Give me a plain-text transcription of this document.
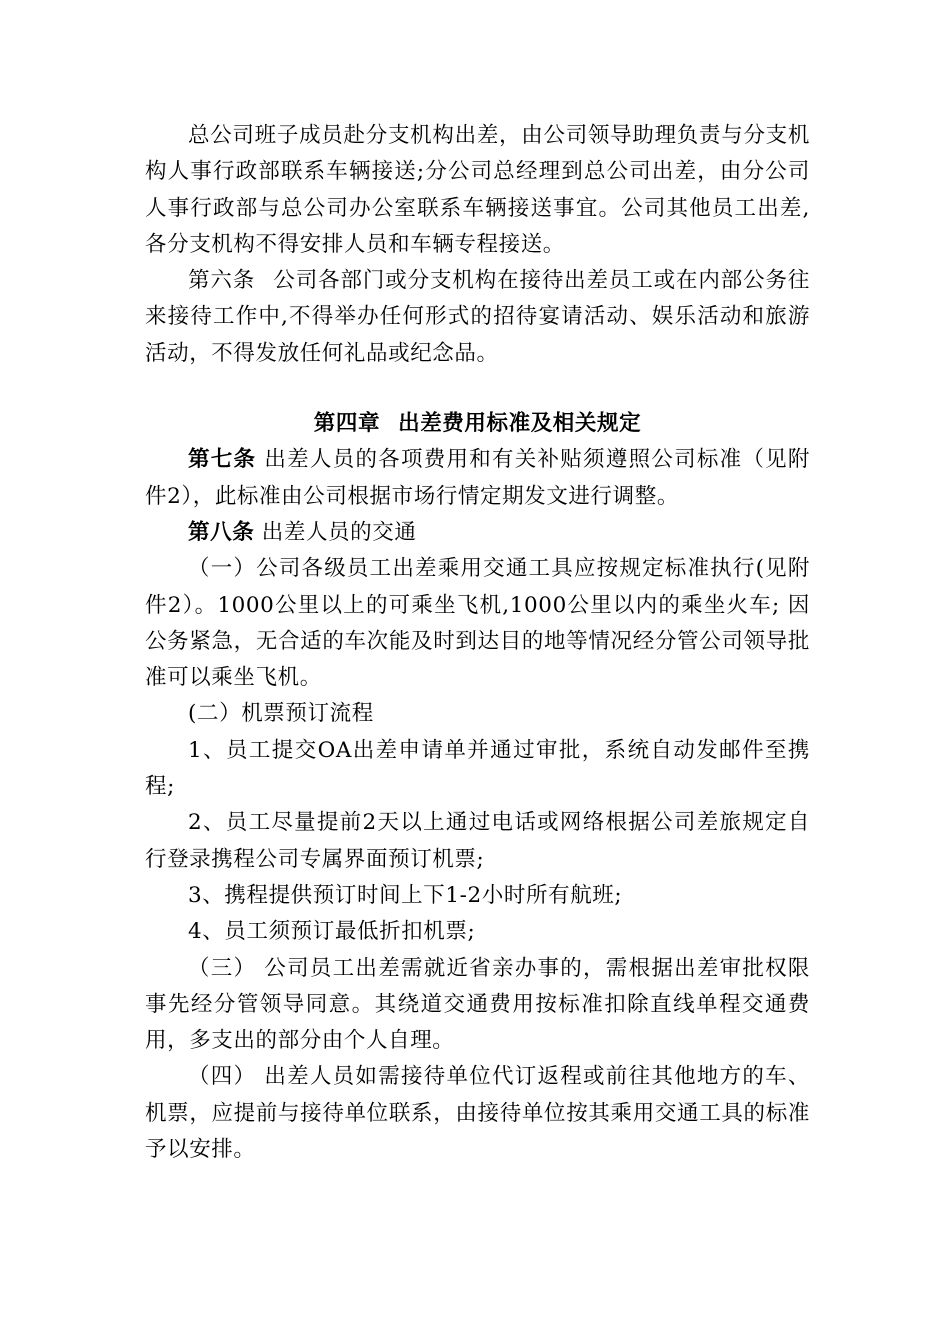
总公司班子成员赴分支机构出差，由公司领导助理负责与分支机构人事行政部联系车辆接送;分公司总经理到总公司出差，由分公司人事行政部与总公司办公室联系车辆接送事宜。公司其他员工出差,各分支机构不得安排人员和车辆专程接送。

第六条 公司各部门或分支机构在接待出差员工或在内部公务往来接待工作中,不得举办任何形式的招待宴请活动、娱乐活动和旅游活动，不得发放任何礼品或纪念品。

第四章 出差费用标准及相关规定

第七条 出差人员的各项费用和有关补贴须遵照公司标准（见附件2），此标准由公司根据市场行情定期发文进行调整。

第八条 出差人员的交通

（一）公司各级员工出差乘用交通工具应按规定标准执行(见附件2）。1000公里以上的可乘坐飞机,1000公里以内的乘坐火车; 因公务紧急，无合适的车次能及时到达目的地等情况经分管公司领导批准可以乘坐飞机。

(二）机票预订流程

1、员工提交OA出差申请单并通过审批，系统自动发邮件至携程;

2、员工尽量提前2天以上通过电话或网络根据公司差旅规定自行登录携程公司专属界面预订机票;

3、携程提供预订时间上下1-2小时所有航班;

4、员工须预订最低折扣机票;

（三） 公司员工出差需就近省亲办事的，需根据出差审批权限事先经分管领导同意。其绕道交通费用按标准扣除直线单程交通费用，多支出的部分由个人自理。

（四） 出差人员如需接待单位代订返程或前往其他地方的车、机票，应提前与接待单位联系，由接待单位按其乘用交通工具的标准予以安排。
